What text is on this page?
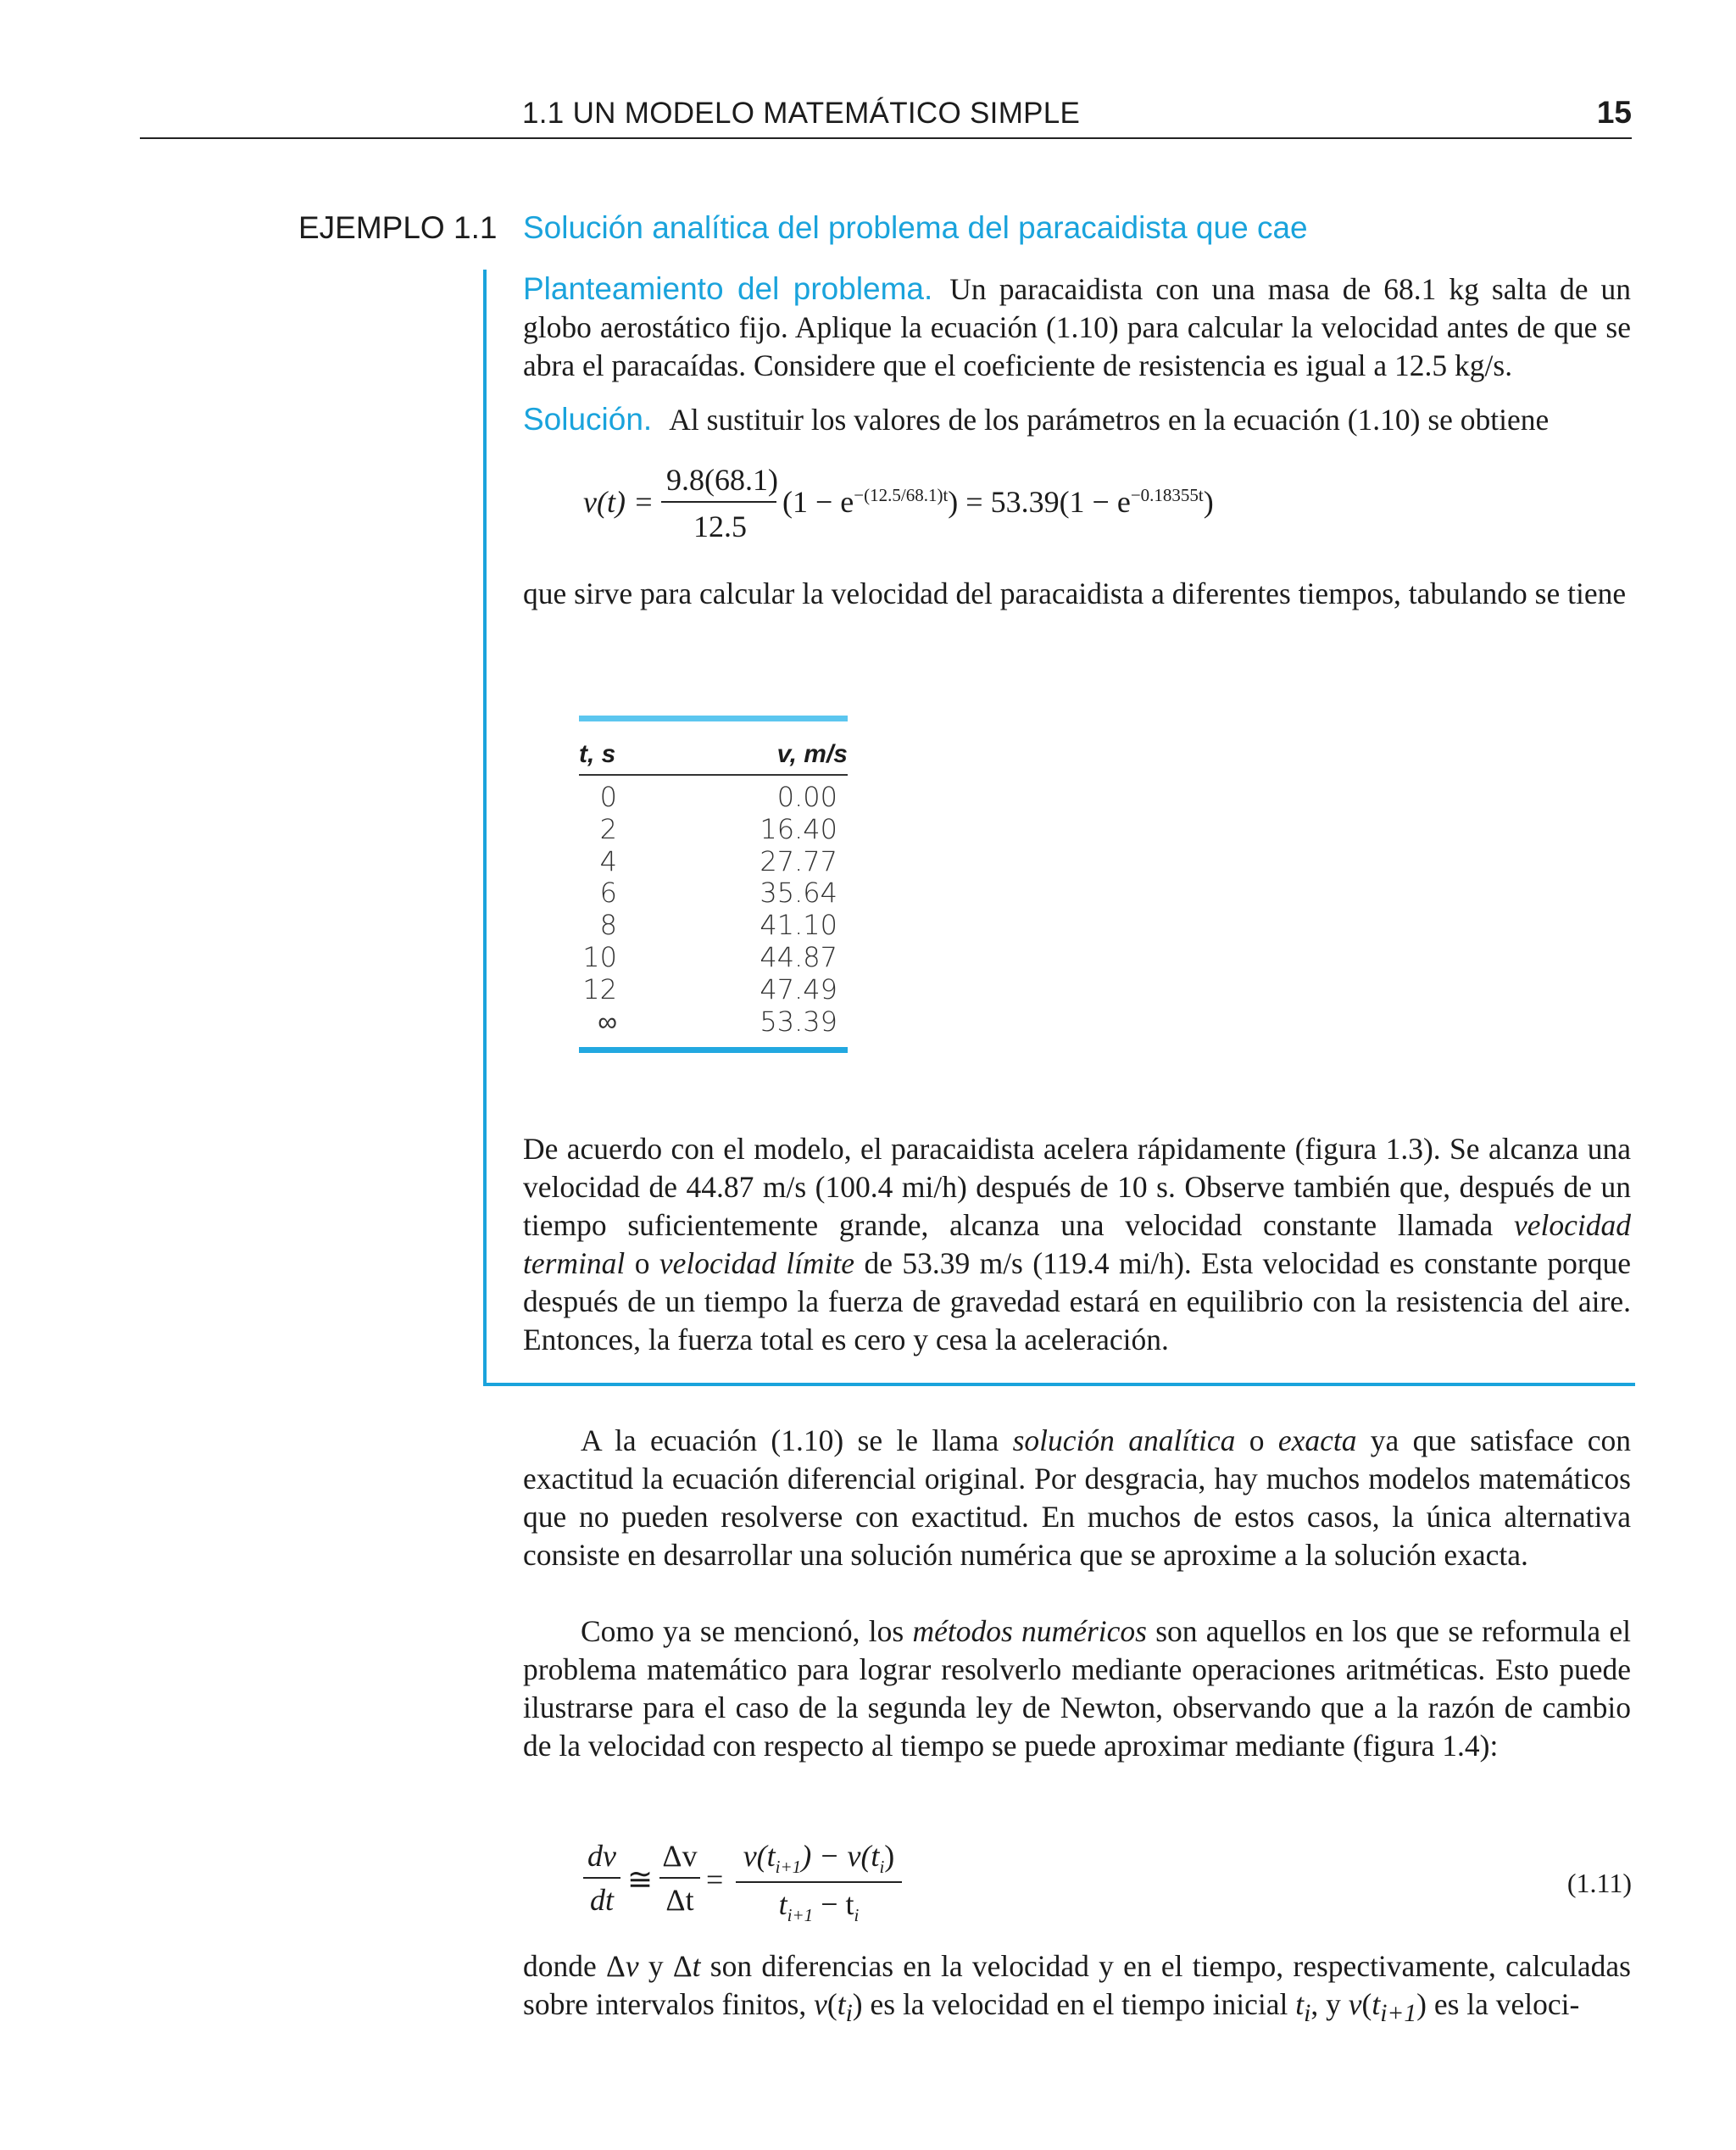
1.1 UN MODELO MATEMÁTICO SIMPLE	15
EJEMPLO 1.1 Solución analítica del problema del paracaidista que cae
Planteamiento del problema. Un paracaidista con una masa de 68.1 kg salta de un globo aerostático fijo. Aplique la ecuación (1.10) para calcular la velocidad antes de que se abra el paracaídas. Considere que el coeficiente de resistencia es igual a 12.5 kg/s.
Solución. Al sustituir los valores de los parámetros en la ecuación (1.10) se obtiene
v(t) =
9.8(68.1)
12.5
$(1 - e^{-(12.5/68.1)t}) = 53.39(1 - e^{-0.18355t})$
que sirve para calcular la velocidad del paracaidista a diferentes tiempos, tabulando se tiene
t, s	v, m/s
0	0.00
2	16.40
4	27.77
6	35.64
8	41.10
10	44.87
12	47.49
∞	53.39
De acuerdo con el modelo, el paracaidista acelera rápidamente (figura 1.3). Se alcanza una velocidad de 44.87 m/s (100.4 mi/h) después de 10 s. Observe también que, después de un tiempo suficientemente grande, alcanza una velocidad constante llamada velocidad terminal o velocidad límite de 53.39 m/s (119.4 mi/h). Esta velocidad es constante porque después de un tiempo la fuerza de gravedad estará en equilibrio con la resistencia del aire. Entonces, la fuerza total es cero y cesa la aceleración.
A la ecuación (1.10) se le llama solución analítica o exacta ya que satisface con exactitud la ecuación diferencial original. Por desgracia, hay muchos modelos matemáticos que no pueden resolverse con exactitud. En muchos de estos casos, la única alternativa consiste en desarrollar una solución numérica que se aproxime a la solución exacta.
Como ya se mencionó, los métodos numéricos son aquellos en los que se reformula el problema matemático para lograr resolverlo mediante operaciones aritméticas. Esto puede ilustrarse para el caso de la segunda ley de Newton, observando que a la razón de cambio de la velocidad con respecto al tiempo se puede aproximar mediante (figura 1.4):
dv
dt
≅
Δv
Δt
=
$v(t_{i+1}) - v(t_i)$
$t_{i+1} - t_i$
(1.11)
donde Δv y Δt son diferencias en la velocidad y en el tiempo, respectivamente, calculadas sobre intervalos finitos, $v(t_i)$ es la velocidad en el tiempo inicial $t_i$, y $v(t_{i+1})$ es la veloci-
